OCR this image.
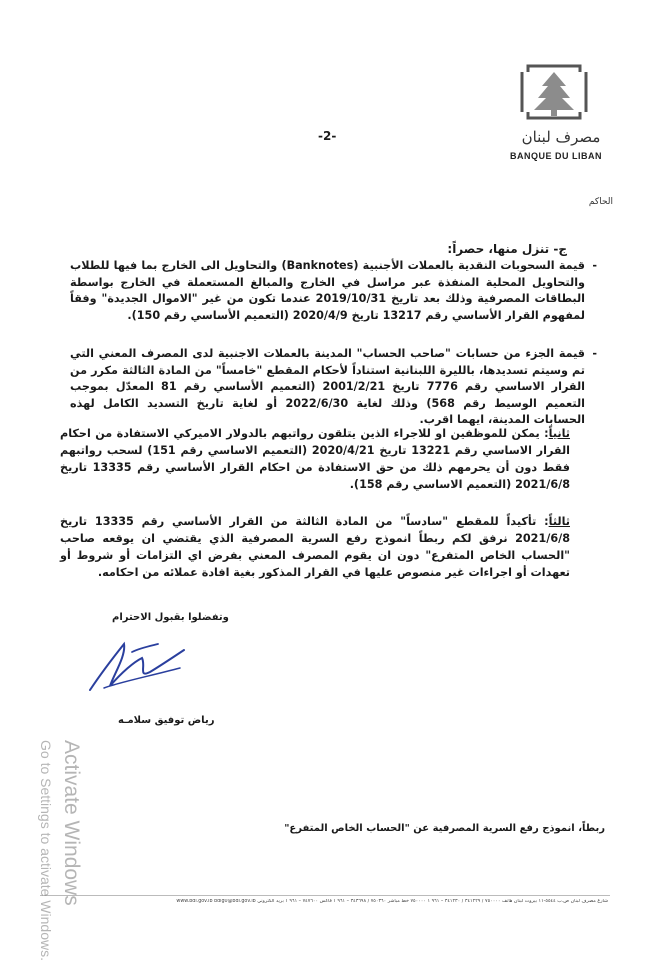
مصرف لبنان
BANQUE DU LIBAN
-2-
الحاكم
ج- تنزل منها، حصراً:
-
قيمة السحوبات النقدية بالعملات الأجنبية (Banknotes) والتحاويل الى الخارج بما فيها للطلاب والتحاويل المحلية المنفذة عبر مراسل في الخارج والمبالغ المستعملة في الخارج بواسطة البطاقات المصرفية وذلك بعد تاريخ 2019/10/31 عندما تكون من غير "الاموال الجديدة" وفقاً لمفهوم القرار الأساسي رقم 13217 تاريخ 2020/4/9 (التعميم الأساسي رقم 150).
-
قيمة الجزء من حسابات "صاحب الحساب" المدينة بالعملات الاجنبية لدى المصرف المعني التي تم وسيتم تسديدها، بالليرة اللبنانية استناداً لأحكام المقطع "خامساً" من المادة الثالثة مكرر من القرار الاساسي رقم 7776 تاريخ 2001/2/21 (التعميم الأساسي رقم 81 المعدّل بموجب التعميم الوسيط رقم 568) وذلك لغاية 2022/6/30 أو لغاية تاريخ التسديد الكامل لهذه الحسابات المدينة، ايهما اقرب.
ثانياً: يمكن للموظفين او للاجراء الذين يتلقون رواتبهم بالدولار الاميركي الاستفادة من احكام القرار الاساسي رقم 13221 تاريخ 2020/4/21 (التعميم الاساسي رقم 151) لسحب رواتبهم فقط دون أن يحرمهم ذلك من حق الاستفادة من احكام القرار الأساسي رقم 13335 تاريخ 2021/6/8 (التعميم الاساسي رقم 158).
ثالثاً: تأكيداً للمقطع "سادساً" من المادة الثالثة من القرار الأساسي رقم 13335 تاريخ 2021/6/8 نرفق لكم ربطاً انموذج رفع السرية المصرفية الذي يقتضي ان يوقعه صاحب "الحساب الخاص المتفرع" دون ان يقوم المصرف المعني بفرض اي التزامات أو شروط أو تعهدات أو اجراءات غير منصوص عليها في القرار المذكور بغية افادة عملائه من احكامه.
وتفضلوا بقبول الاحترام
رياض توفيق سلامـه
ربطاً، انموذج رفع السرية المصرفية عن "الحساب الخاص المتفرع"
شارع مصرف لبنان ص.ب ٥٥٤٤-١١ بيروت لبنان هاتف ٧٥٠٠٠٠ / ٣٤١٢٢٩ / ٣٤١٢٣٠ – ٩٦١ ١ ٧٥٠٠٠٠ خط مباشر ٧٥٠٣٦٠ / ٣٤٣٦٩٨ – ٩٦١ ١ فاكس ٧٤٧٦٠٠ – ٩٦١ ١ بريد الكتروني www.bdl.gov.lb bdlg0@bdl.gov.lb
Activate Windows
Go to Settings to activate Windows.
